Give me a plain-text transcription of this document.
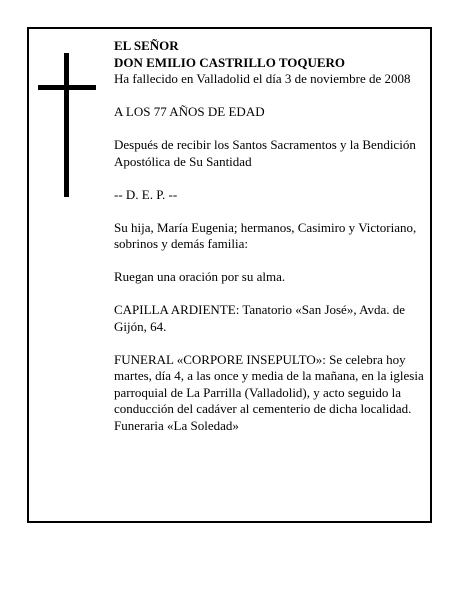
EL SEÑOR

DON EMILIO CASTRILLO TOQUERO

Ha fallecido en Valladolid el día 3 de noviembre de 2008

A LOS 77 AÑOS DE EDAD

Después de recibir los Santos Sacramentos y la Bendición Apostólica de Su Santidad

-- D. E. P. --

Su hija, María Eugenia; hermanos, Casimiro y Victoriano, sobrinos y demás familia:

Ruegan una oración por su alma.

CAPILLA ARDIENTE: Tanatorio «San José», Avda. de Gijón, 64.

FUNERAL «CORPORE INSEPULTO»: Se celebra hoy martes, día 4, a las once y media de la mañana, en la iglesia parroquial de La Parrilla (Valladolid), y acto seguido la conducción del cadáver al cementerio de dicha localidad.

Funeraria «La Soledad»
